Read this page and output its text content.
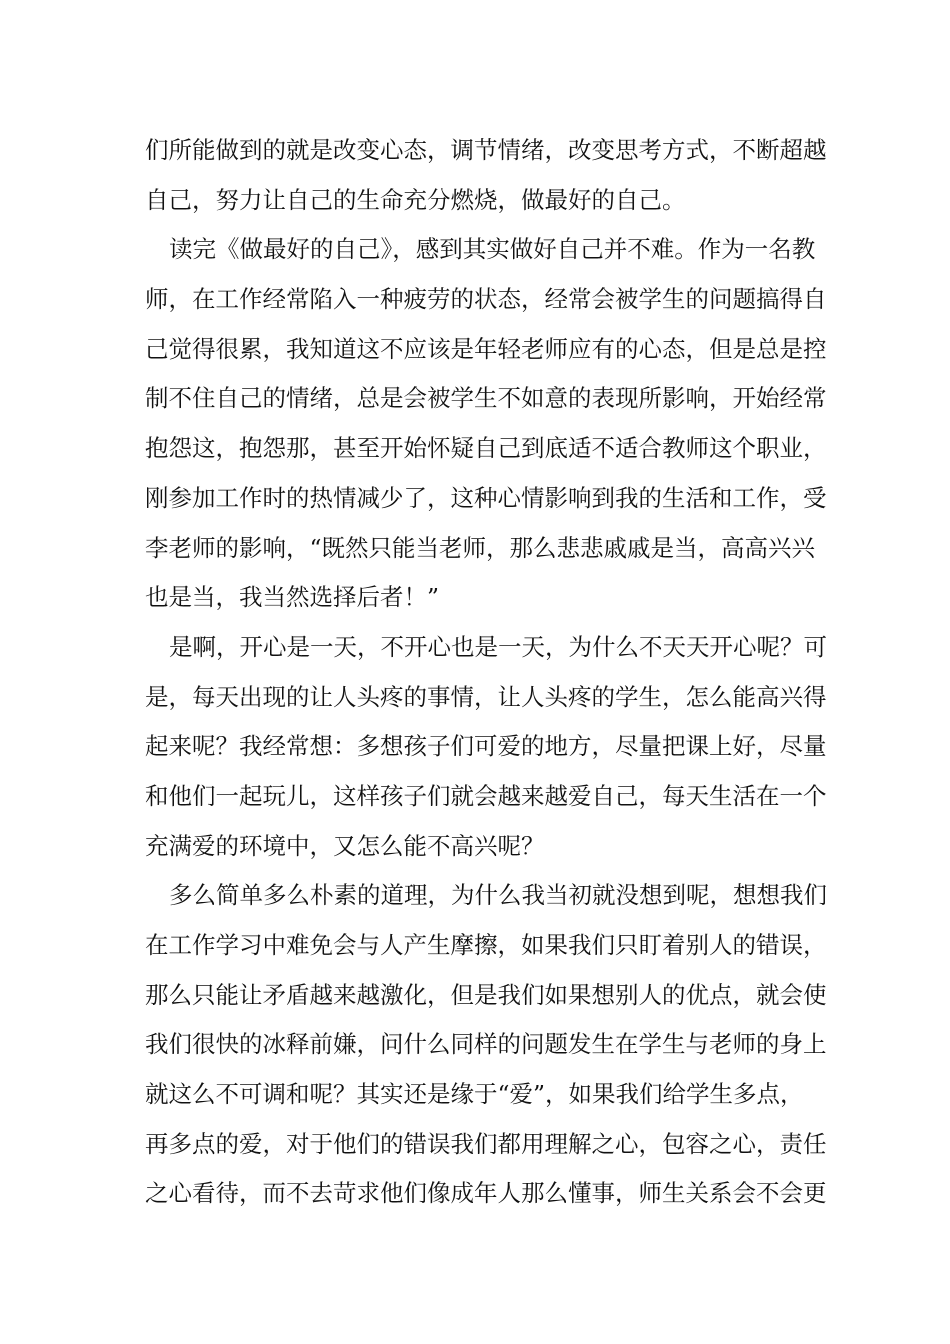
们所能做到的就是改变心态，调节情绪，改变思考方式，不断超越
自己，努力让自己的生命充分燃烧，做最好的自己。
读完《做最好的自己》，感到其实做好自己并不难。作为一名教
师，在工作经常陷入一种疲劳的状态，经常会被学生的问题搞得自
己觉得很累，我知道这不应该是年轻老师应有的心态，但是总是控
制不住自己的情绪，总是会被学生不如意的表现所影响，开始经常
抱怨这，抱怨那，甚至开始怀疑自己到底适不适合教师这个职业，
刚参加工作时的热情减少了，这种心情影响到我的生活和工作，受
李老师的影响，“既然只能当老师，那么悲悲戚戚是当，高高兴兴
也是当，我当然选择后者！”
是啊，开心是一天，不开心也是一天，为什么不天天开心呢？可
是，每天出现的让人头疼的事情，让人头疼的学生，怎么能高兴得
起来呢？我经常想：多想孩子们可爱的地方，尽量把课上好，尽量
和他们一起玩儿，这样孩子们就会越来越爱自己，每天生活在一个
充满爱的环境中，又怎么能不高兴呢？
多么简单多么朴素的道理，为什么我当初就没想到呢，想想我们
在工作学习中难免会与人产生摩擦，如果我们只盯着别人的错误，
那么只能让矛盾越来越激化，但是我们如果想别人的优点，就会使
我们很快的冰释前嫌，问什么同样的问题发生在学生与老师的身上
就这么不可调和呢？其实还是缘于“爱”，如果我们给学生多点，
再多点的爱，对于他们的错误我们都用理解之心，包容之心，责任
之心看待，而不去苛求他们像成年人那么懂事，师生关系会不会更
